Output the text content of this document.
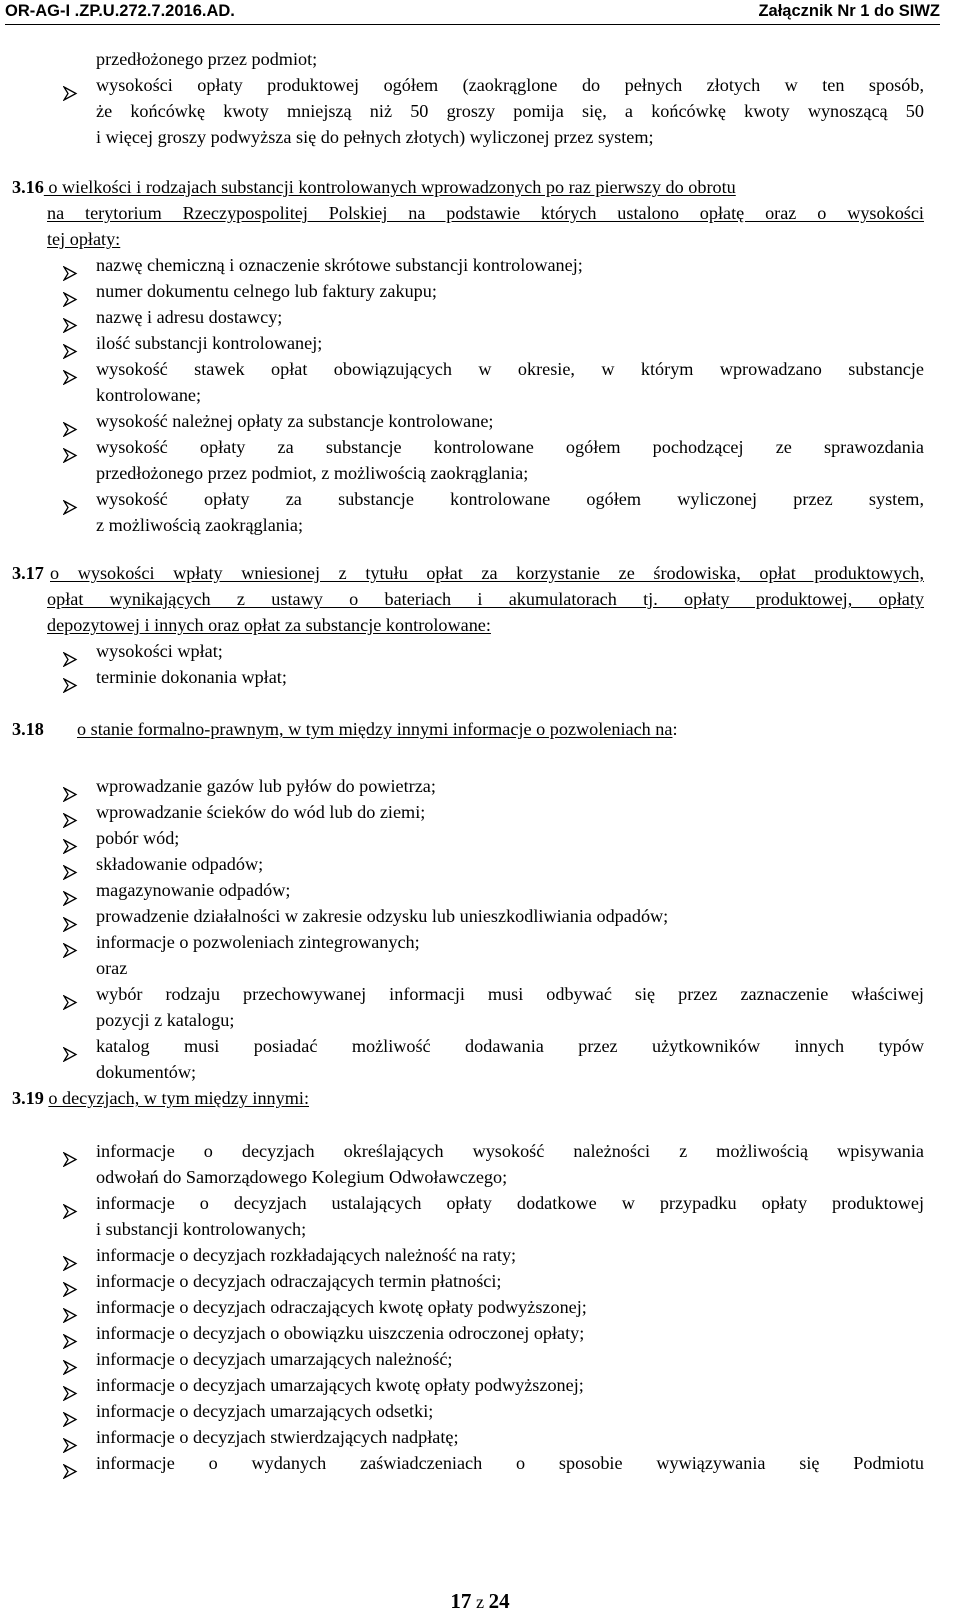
OR-AG-I .ZP.U.272.7.2016.AD.	Załącznik Nr 1 do SIWZ
przedłożonego przez podmiot;
wysokości opłaty produktowej ogółem (zaokrąglone do pełnych złotych w ten sposób,
że końcówkę kwoty mniejszą niż 50 groszy pomija się, a końcówkę kwoty wynoszącą 50
i więcej groszy podwyższa się do pełnych złotych) wyliczonej przez system;
3.16 o wielkości i rodzajach substancji kontrolowanych wprowadzonych po raz pierwszy do obrotu
na terytorium Rzeczypospolitej Polskiej na podstawie których ustalono opłatę oraz o wysokości
tej opłaty:
nazwę chemiczną i oznaczenie skrótowe substancji kontrolowanej;
numer dokumentu celnego lub faktury zakupu;
nazwę i adresu dostawcy;
ilość substancji kontrolowanej;
wysokość stawek opłat obowiązujących w okresie, w którym wprowadzano substancje
kontrolowane;
wysokość należnej opłaty za substancje kontrolowane;
wysokość opłaty za substancje kontrolowane ogółem pochodzącej ze sprawozdania
przedłożonego przez podmiot, z możliwością zaokrąglania;
wysokość opłaty za substancje kontrolowane ogółem wyliczonej przez system,
z możliwością zaokrąglania;
3.17 o wysokości wpłaty wniesionej z tytułu opłat za korzystanie ze środowiska, opłat produktowych,
opłat wynikających z ustawy o bateriach i akumulatorach tj. opłaty produktowej, opłaty
depozytowej i innych oraz opłat za substancje kontrolowane:
wysokości wpłat;
terminie dokonania wpłat;
3.18 o stanie formalno-prawnym, w tym między innymi informacje o pozwoleniach na:
wprowadzanie gazów lub pyłów do powietrza;
wprowadzanie ścieków do wód lub do ziemi;
pobór wód;
składowanie odpadów;
magazynowanie odpadów;
prowadzenie działalności w zakresie odzysku lub unieszkodliwiania odpadów;
informacje o pozwoleniach zintegrowanych;
oraz
wybór rodzaju przechowywanej informacji musi odbywać się przez zaznaczenie właściwej
pozycji z katalogu;
katalog musi posiadać możliwość dodawania przez użytkowników innych typów
dokumentów;
3.19 o decyzjach, w tym między innymi:
informacje o decyzjach określających wysokość należności z możliwością wpisywania
odwołań do Samorządowego Kolegium Odwoławczego;
informacje o decyzjach ustalających opłaty dodatkowe w przypadku opłaty produktowej
i substancji kontrolowanych;
informacje o decyzjach rozkładających należność na raty;
informacje o decyzjach odraczających termin płatności;
informacje o decyzjach odraczających kwotę opłaty podwyższonej;
informacje o decyzjach o obowiązku uiszczenia odroczonej opłaty;
informacje o decyzjach umarzających należność;
informacje o decyzjach umarzających kwotę opłaty podwyższonej;
informacje o decyzjach umarzających odsetki;
informacje o decyzjach stwierdzających nadpłatę;
informacje o wydanych zaświadczeniach o sposobie wywiązywania się Podmiotu
17 z 24
